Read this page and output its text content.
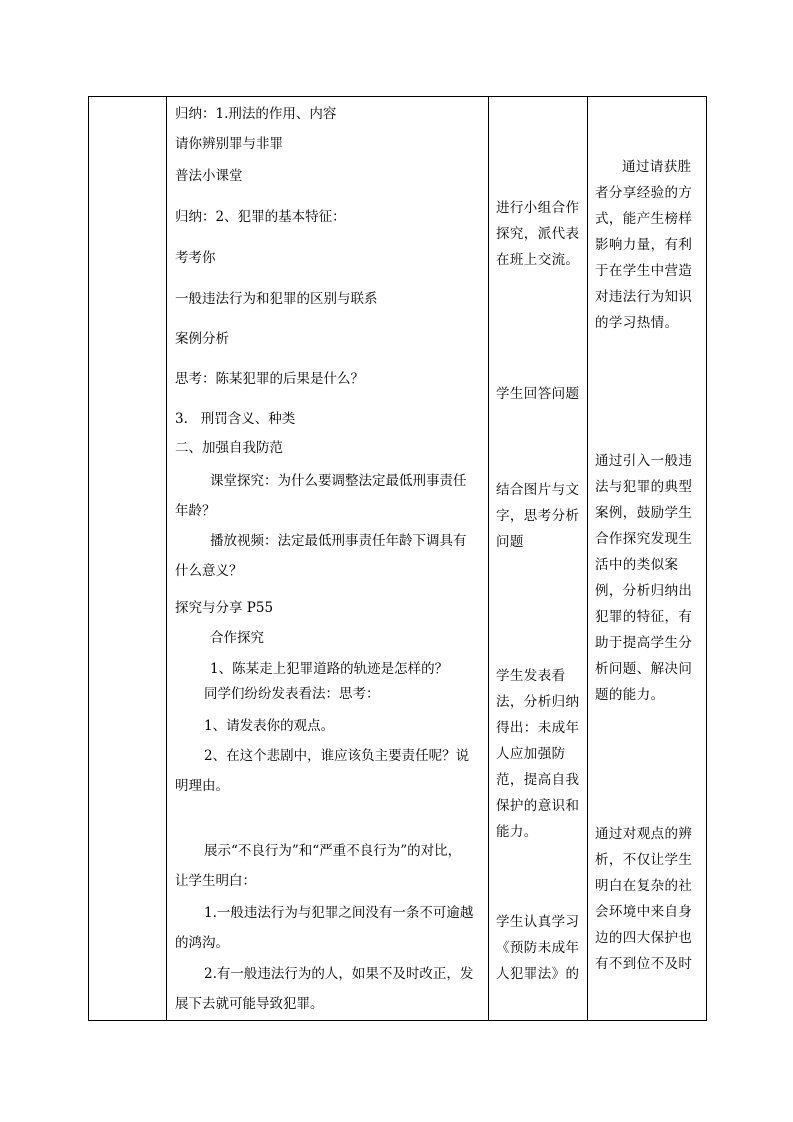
归纳：1.刑法的作用、内容

请你辨别罪与非罪

普法小课堂

归纳：2、犯罪的基本特征：

考考你

一般违法行为和犯罪的区别与联系

案例分析

思考：陈某犯罪的后果是什么？

3.   刑罚含义、种类

二、加强自我防范

课堂探究：为什么要调整法定最低刑事责任

年龄？

播放视频：法定最低刑事责任年龄下调具有

什么意义？

探究与分享 P55

合作探究

1、陈某走上犯罪道路的轨迹是怎样的？

同学们纷纷发表看法：思考：

1、请发表你的观点。

2、在这个悲剧中，谁应该负主要责任呢？说

明理由。

展示“不良行为”和“严重不良行为”的对比，

让学生明白：

1.一般违法行为与犯罪之间没有一条不可逾越

的鸿沟。

2.有一般违法行为的人，如果不及时改正，发

展下去就可能导致犯罪。

进行小组合作
探究，派代表
在班上交流。
学生回答问题
结合图片与文
字，思考分析
问题
学生发表看
法，分析归纳
得出：未成年
人应加强防
范，提高自我
保护的意识和
能力。
学生认真学习
《预防未成年
人犯罪法》的
通过请获胜
者分享经验的方
式，能产生榜样
影响力量，有利
于在学生中营造
对违法行为知识
的学习热情。
通过引入一般违
法与犯罪的典型
案例，鼓励学生
合作探究发现生
活中的类似案
例，分析归纳出
犯罪的特征，有
助于提高学生分
析问题、解决问
题的能力。
通过对观点的辨
析，不仅让学生
明白在复杂的社
会环境中来自身
边的四大保护也
有不到位不及时
